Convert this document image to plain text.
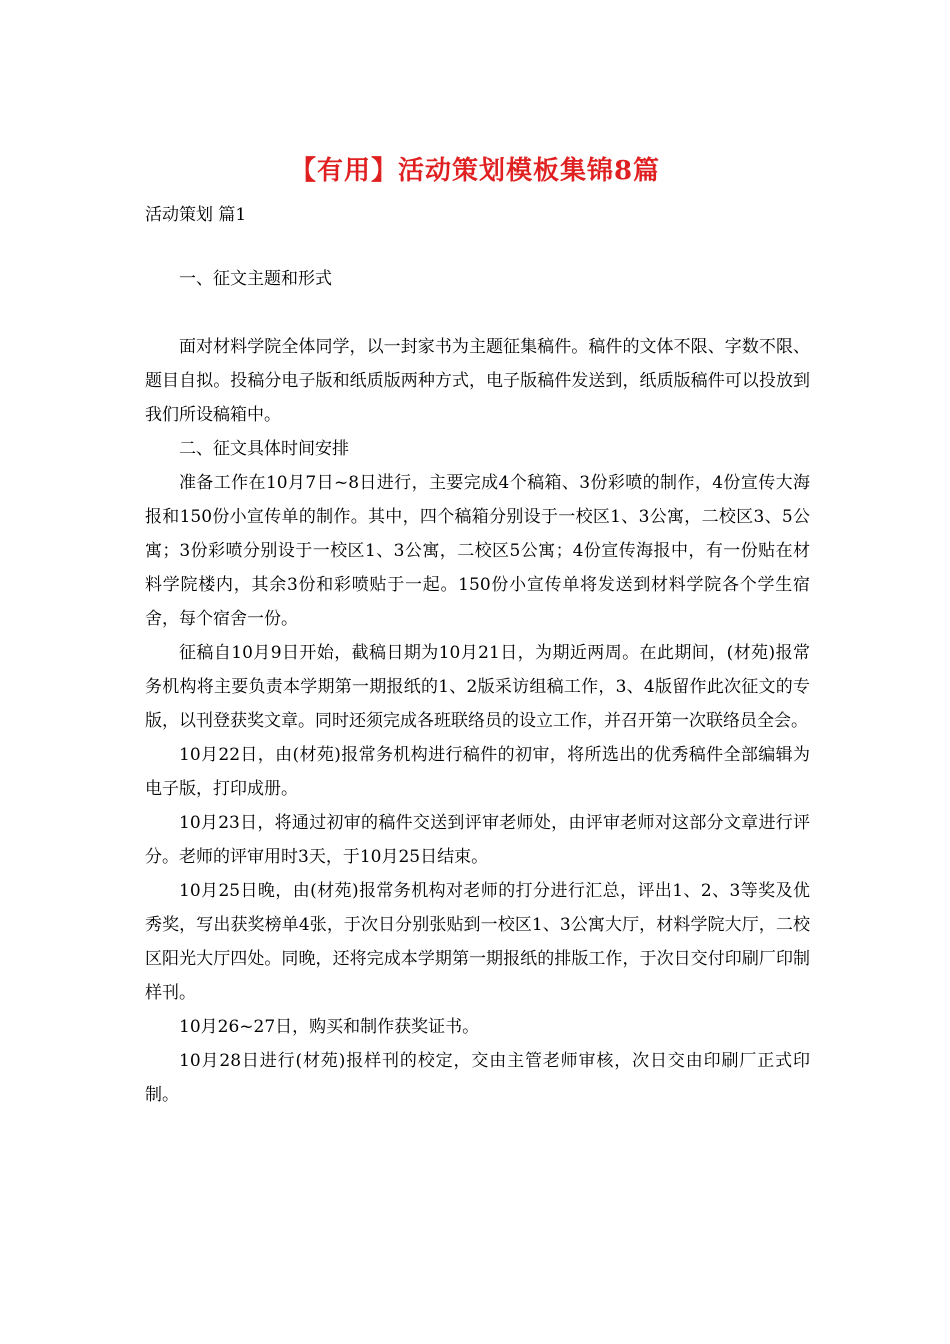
【有用】活动策划模板集锦8篇

活动策划 篇1

一、征文主题和形式

面对材料学院全体同学，以一封家书为主题征集稿件。稿件的文体不限、字数不限、题目自拟。投稿分电子版和纸质版两种方式，电子版稿件发送到，纸质版稿件可以投放到我们所设稿箱中。

二、征文具体时间安排

准备工作在10月7日~8日进行，主要完成4个稿箱、3份彩喷的制作，4份宣传大海报和150份小宣传单的制作。其中，四个稿箱分别设于一校区1、3公寓，二校区3、5公寓；3份彩喷分别设于一校区1、3公寓，二校区5公寓；4份宣传海报中，有一份贴在材料学院楼内，其余3份和彩喷贴于一起。150份小宣传单将发送到材料学院各个学生宿舍，每个宿舍一份。

征稿自10月9日开始，截稿日期为10月21日，为期近两周。在此期间，(材苑)报常务机构将主要负责本学期第一期报纸的1、2版采访组稿工作，3、4版留作此次征文的专版，以刊登获奖文章。同时还须完成各班联络员的设立工作，并召开第一次联络员全会。

10月22日，由(材苑)报常务机构进行稿件的初审，将所选出的优秀稿件全部编辑为电子版，打印成册。

10月23日，将通过初审的稿件交送到评审老师处，由评审老师对这部分文章进行评分。老师的评审用时3天，于10月25日结束。

10月25日晚，由(材苑)报常务机构对老师的打分进行汇总，评出1、2、3等奖及优秀奖，写出获奖榜单4张，于次日分别张贴到一校区1、3公寓大厅，材料学院大厅，二校区阳光大厅四处。同晚，还将完成本学期第一期报纸的排版工作，于次日交付印刷厂印制样刊。

10月26~27日，购买和制作获奖证书。

10月28日进行(材苑)报样刊的校定，交由主管老师审核，次日交由印刷厂正式印制。
